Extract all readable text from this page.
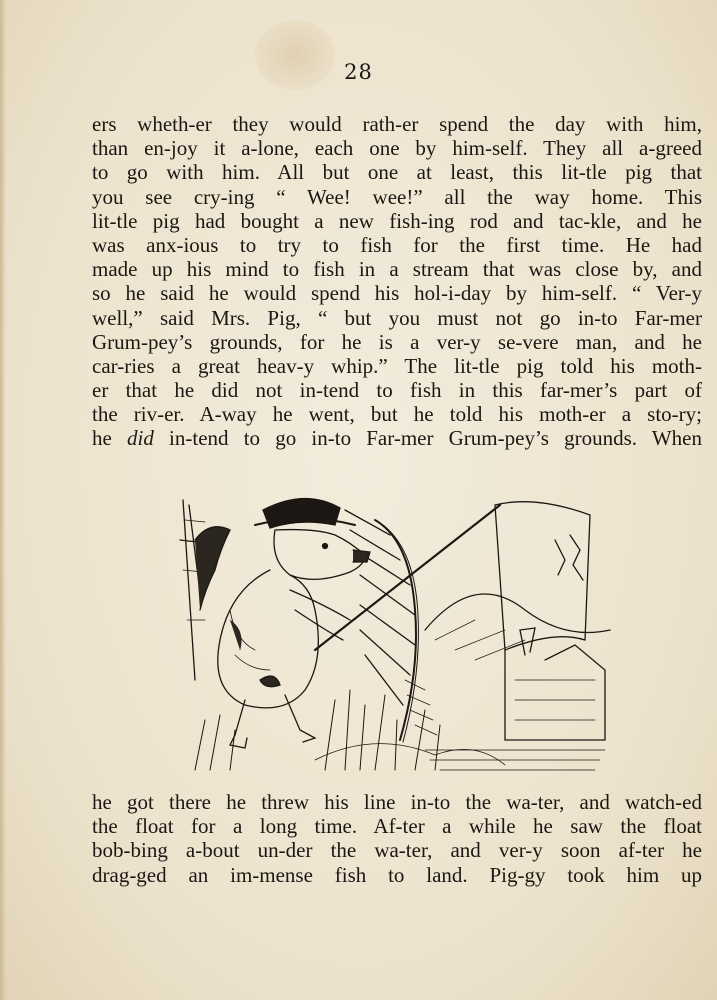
28
ers wheth-er they would rath-er spend the day with him,
than en-joy it a-lone, each one by him-self. They all a-greed
to go with him. All but one at least, this lit-tle pig that
you see cry-ing “ Wee! wee!” all the way home. This
lit-tle pig had bought a new fish-ing rod and tac-kle, and he
was anx-ious to try to fish for the first time. He had
made up his mind to fish in a stream that was close by, and
so he said he would spend his hol-i-day by him-self. “ Ver-y
well,” said Mrs. Pig, “ but you must not go in-to Far-mer
Grum-pey’s grounds, for he is a ver-y se-vere man, and he
car-ries a great heav-y whip.” The lit-tle pig told his moth-
er that he did not in-tend to fish in this far-mer’s part of
the riv-er. A-way he went, but he told his moth-er a sto-ry;
he did in-tend to go in-to Far-mer Grum-pey’s grounds. When
he got there he threw his line in-to the wa-ter, and watch-ed
the float for a long time. Af-ter a while he saw the float
bob-bing a-bout un-der the wa-ter, and ver-y soon af-ter he
drag-ged an im-mense fish to land. Pig-gy took him up
